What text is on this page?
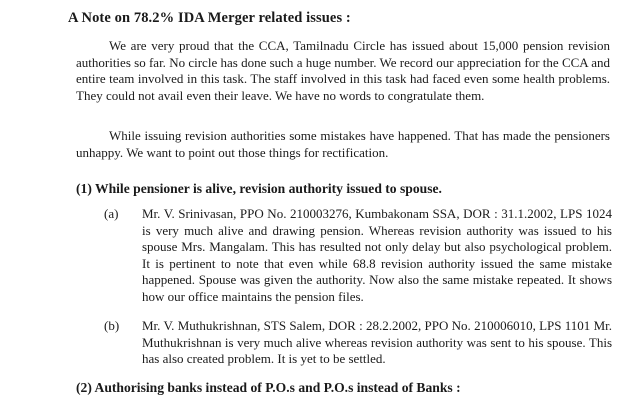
A Note on 78.2% IDA Merger related issues :
We are very proud that the CCA, Tamilnadu Circle has issued about 15,000 pension revision authorities so far. No circle has done such a huge number. We record our appreciation for the CCA and entire team involved in this task. The staff involved in this task had faced even some health problems. They could not avail even their leave. We have no words to congratulate them.
While issuing revision authorities some mistakes have happened. That has made the pensioners unhappy. We want to point out those things for rectification.
(1) While pensioner is alive, revision authority issued to spouse.
(a)	Mr. V. Srinivasan, PPO No. 210003276, Kumbakonam SSA, DOR : 31.1.2002, LPS 1024 is very much alive and drawing pension. Whereas revision authority was issued to his spouse Mrs. Mangalam. This has resulted not only delay but also psychological problem. It is pertinent to note that even while 68.8 revision authority issued the same mistake happened. Spouse was given the authority. Now also the same mistake repeated. It shows how our office maintains the pension files.
(b)	Mr. V. Muthukrishnan, STS Salem, DOR : 28.2.2002, PPO No. 210006010, LPS 1101 Mr. Muthukrishnan is very much alive whereas revision authority was sent to his spouse. This has also created problem. It is yet to be settled.
(2) Authorising banks instead of P.O.s and P.O.s instead of Banks :
